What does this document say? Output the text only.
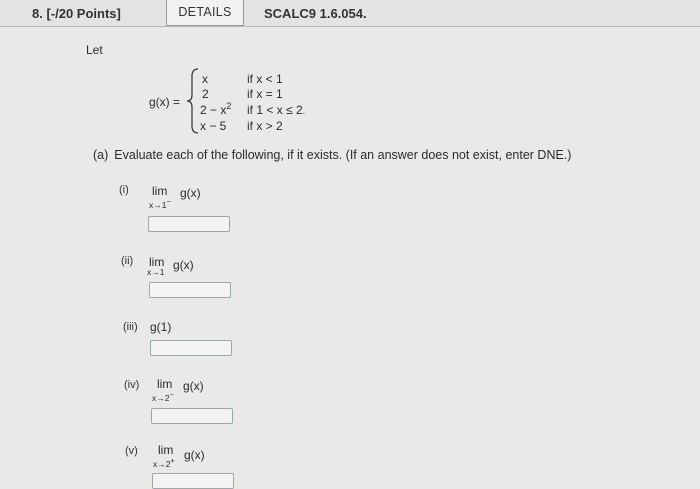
8. [-/20 Points]	DETAILS	SCALC9 1.6.054.
Let
g(x) =
x	if x < 1
2	if x = 1
$2 - x^2$ if 1 < x ≤ 2.
x − 5 if x > 2
(a) Evaluate each of the following, if it exists. (If an answer does not exist, enter DNE.)
(i) lim
x→1−
g(x)
(ii) lim
x→1 g(x)
(iii) g(1)
(iv) lim
x→2−
g(x)
(v) lim
x→2+ g(x)
